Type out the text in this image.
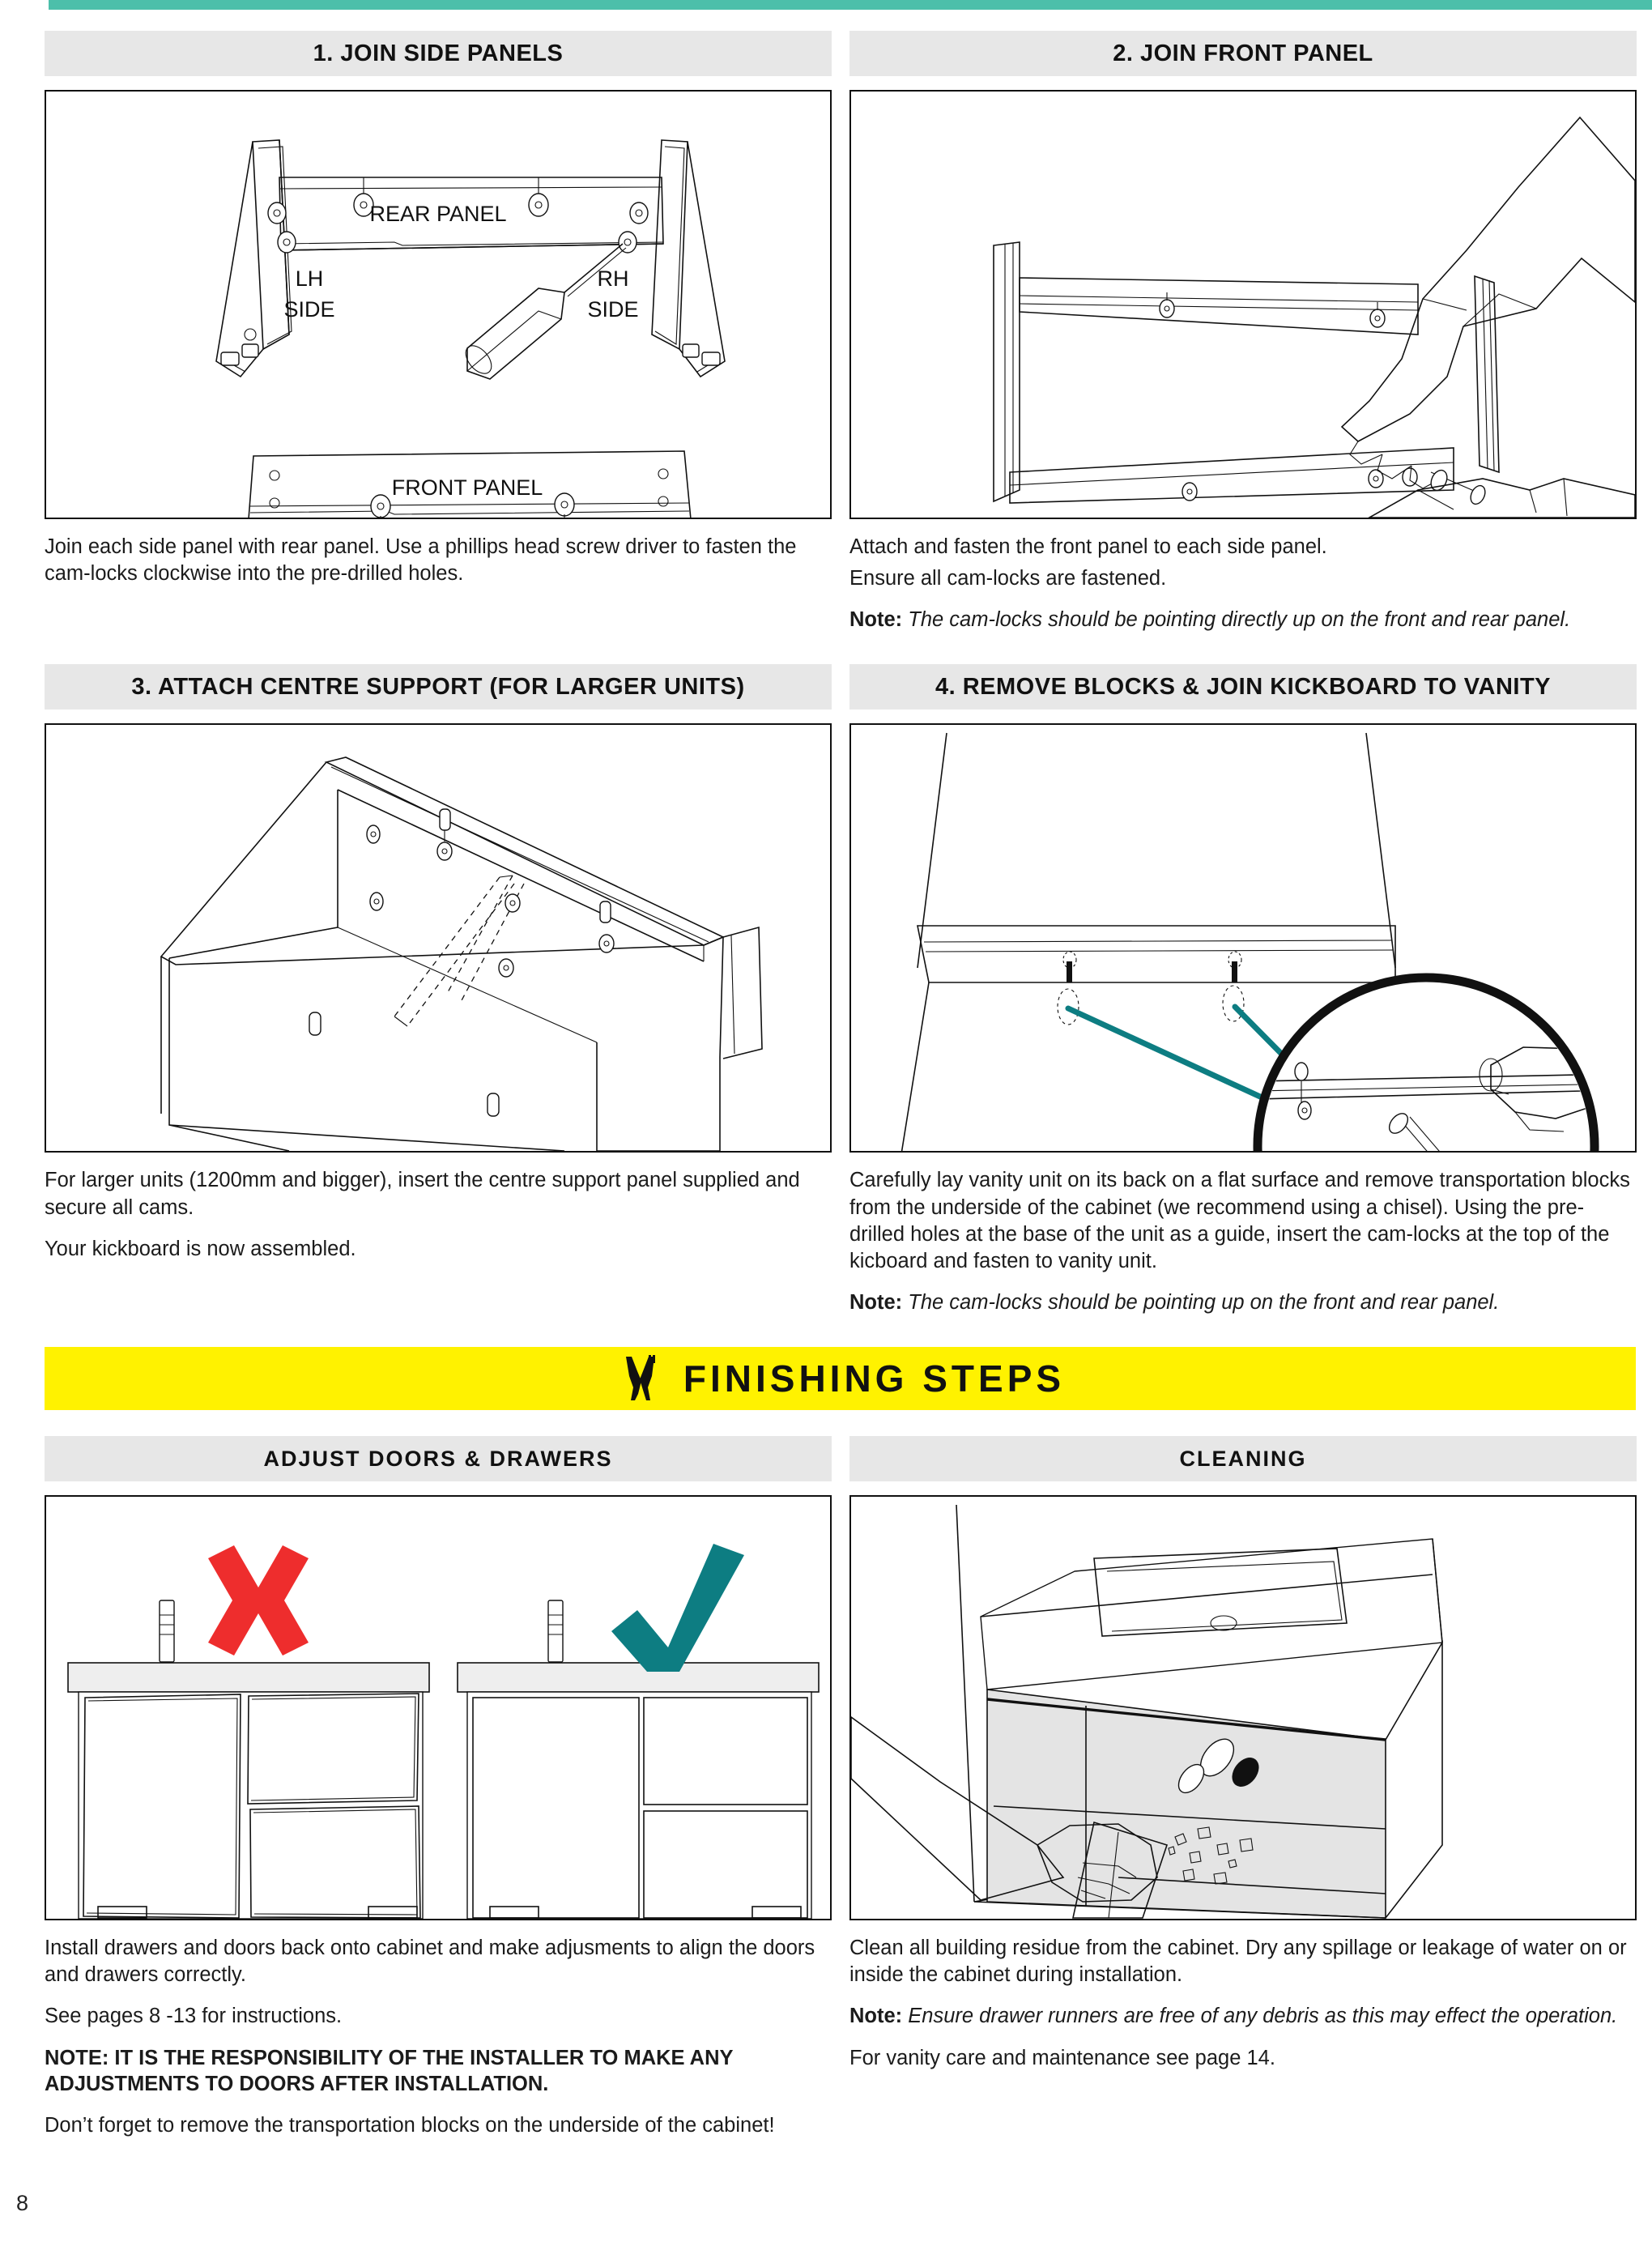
1. JOIN SIDE PANELS
REAR PANEL
LH
SIDE
RH
SIDE
FRONT PANEL

Join each side panel with rear panel. Use a phillips head screw driver to fasten the cam-locks clockwise into the pre-drilled holes.

2. JOIN FRONT PANEL

Attach and fasten the front panel to each side panel.

Ensure all cam-locks are fastened.

Note: The cam-locks should be pointing directly up on the front and rear panel.

3. ATTACH CENTRE SUPPORT (FOR LARGER UNITS)

For larger units (1200mm and bigger), insert the centre support panel supplied and secure all cams.

Your kickboard is now assembled.

4. REMOVE BLOCKS & JOIN KICKBOARD TO VANITY

Carefully lay vanity unit on its back on a flat surface and remove transportation blocks from the underside of the cabinet (we recommend using a chisel). Using the pre-drilled holes at the base of the unit as a guide, insert the cam-locks at the top of the kicboard and fasten to vanity unit.

Note: The cam-locks should be pointing up on the front and rear panel.

FINISHING STEPS
ADJUST DOORS & DRAWERS

Install drawers and doors back onto cabinet and make adjusments to align the doors and drawers correctly.

See pages 8 -13 for instructions.

NOTE: IT IS THE RESPONSIBILITY OF THE INSTALLER TO MAKE ANY ADJUSTMENTS TO DOORS AFTER INSTALLATION.

Don’t forget to remove the transportation blocks on the underside of the cabinet!

CLEANING

Clean all building residue from the cabinet. Dry any spillage or leakage of water on or inside the cabinet during installation.

Note: Ensure drawer runners are free of any debris as this may effect the operation.

For vanity care and maintenance see page 14.

8
